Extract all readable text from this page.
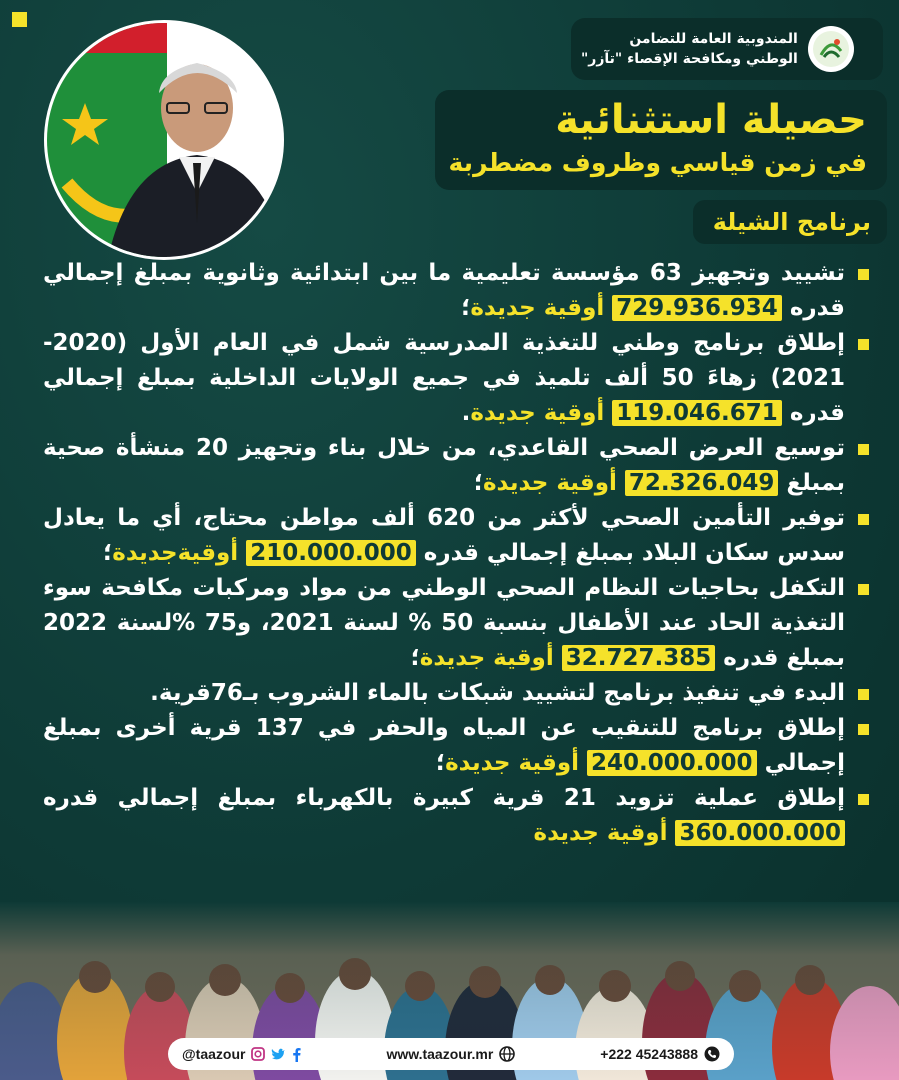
المندوبية العامة للتضامن
الوطني ومكافحة الإقصاء "تآزر"
حصيلة استثنائية
في زمن قياسي وظروف مضطربة
برنامج الشيلة
تشييد وتجهيز 63 مؤسسة تعليمية ما بين ابتدائية وثانوية بمبلغ إجمالي قدره 729.936.934 أوقية جديدة؛
إطلاق برنامج وطني للتغذية المدرسية شمل في العام الأول (2020-2021) زهاءَ 50 ألف تلميذ في جميع الولايات الداخلية بمبلغ إجمالي قدره 119.046.671 أوقية جديدة.
توسيع العرض الصحي القاعدي، من خلال بناء وتجهيز 20 منشأة صحية بمبلغ 72.326.049 أوقية جديدة؛
توفير التأمين الصحي لأكثر من 620 ألف مواطن محتاج، أي ما يعادل سدس سكان البلاد بمبلغ إجمالي قدره 210.000.000 أوقيةجديدة؛
التكفل بحاجيات النظام الصحي الوطني من مواد ومركبات مكافحة سوء التغذية الحاد عند الأطفال بنسبة 50 % لسنة 2021، و75 %لسنة 2022 بمبلغ قدره 32.727.385 أوقية جديدة؛
البدء في تنفيذ برنامج لتشييد شبكات بالماء الشروب بـ76قرية.
إطلاق برنامج للتنقيب عن المياه والحفر في 137 قرية أخرى بمبلغ إجمالي 240.000.000 أوقية جديدة؛
إطلاق عملية تزويد 21 قرية كبيرة بالكهرباء بمبلغ إجمالي قدره 360.000.000 أوقية جديدة
@taazour	www.taazour.mr	+222 45243888
